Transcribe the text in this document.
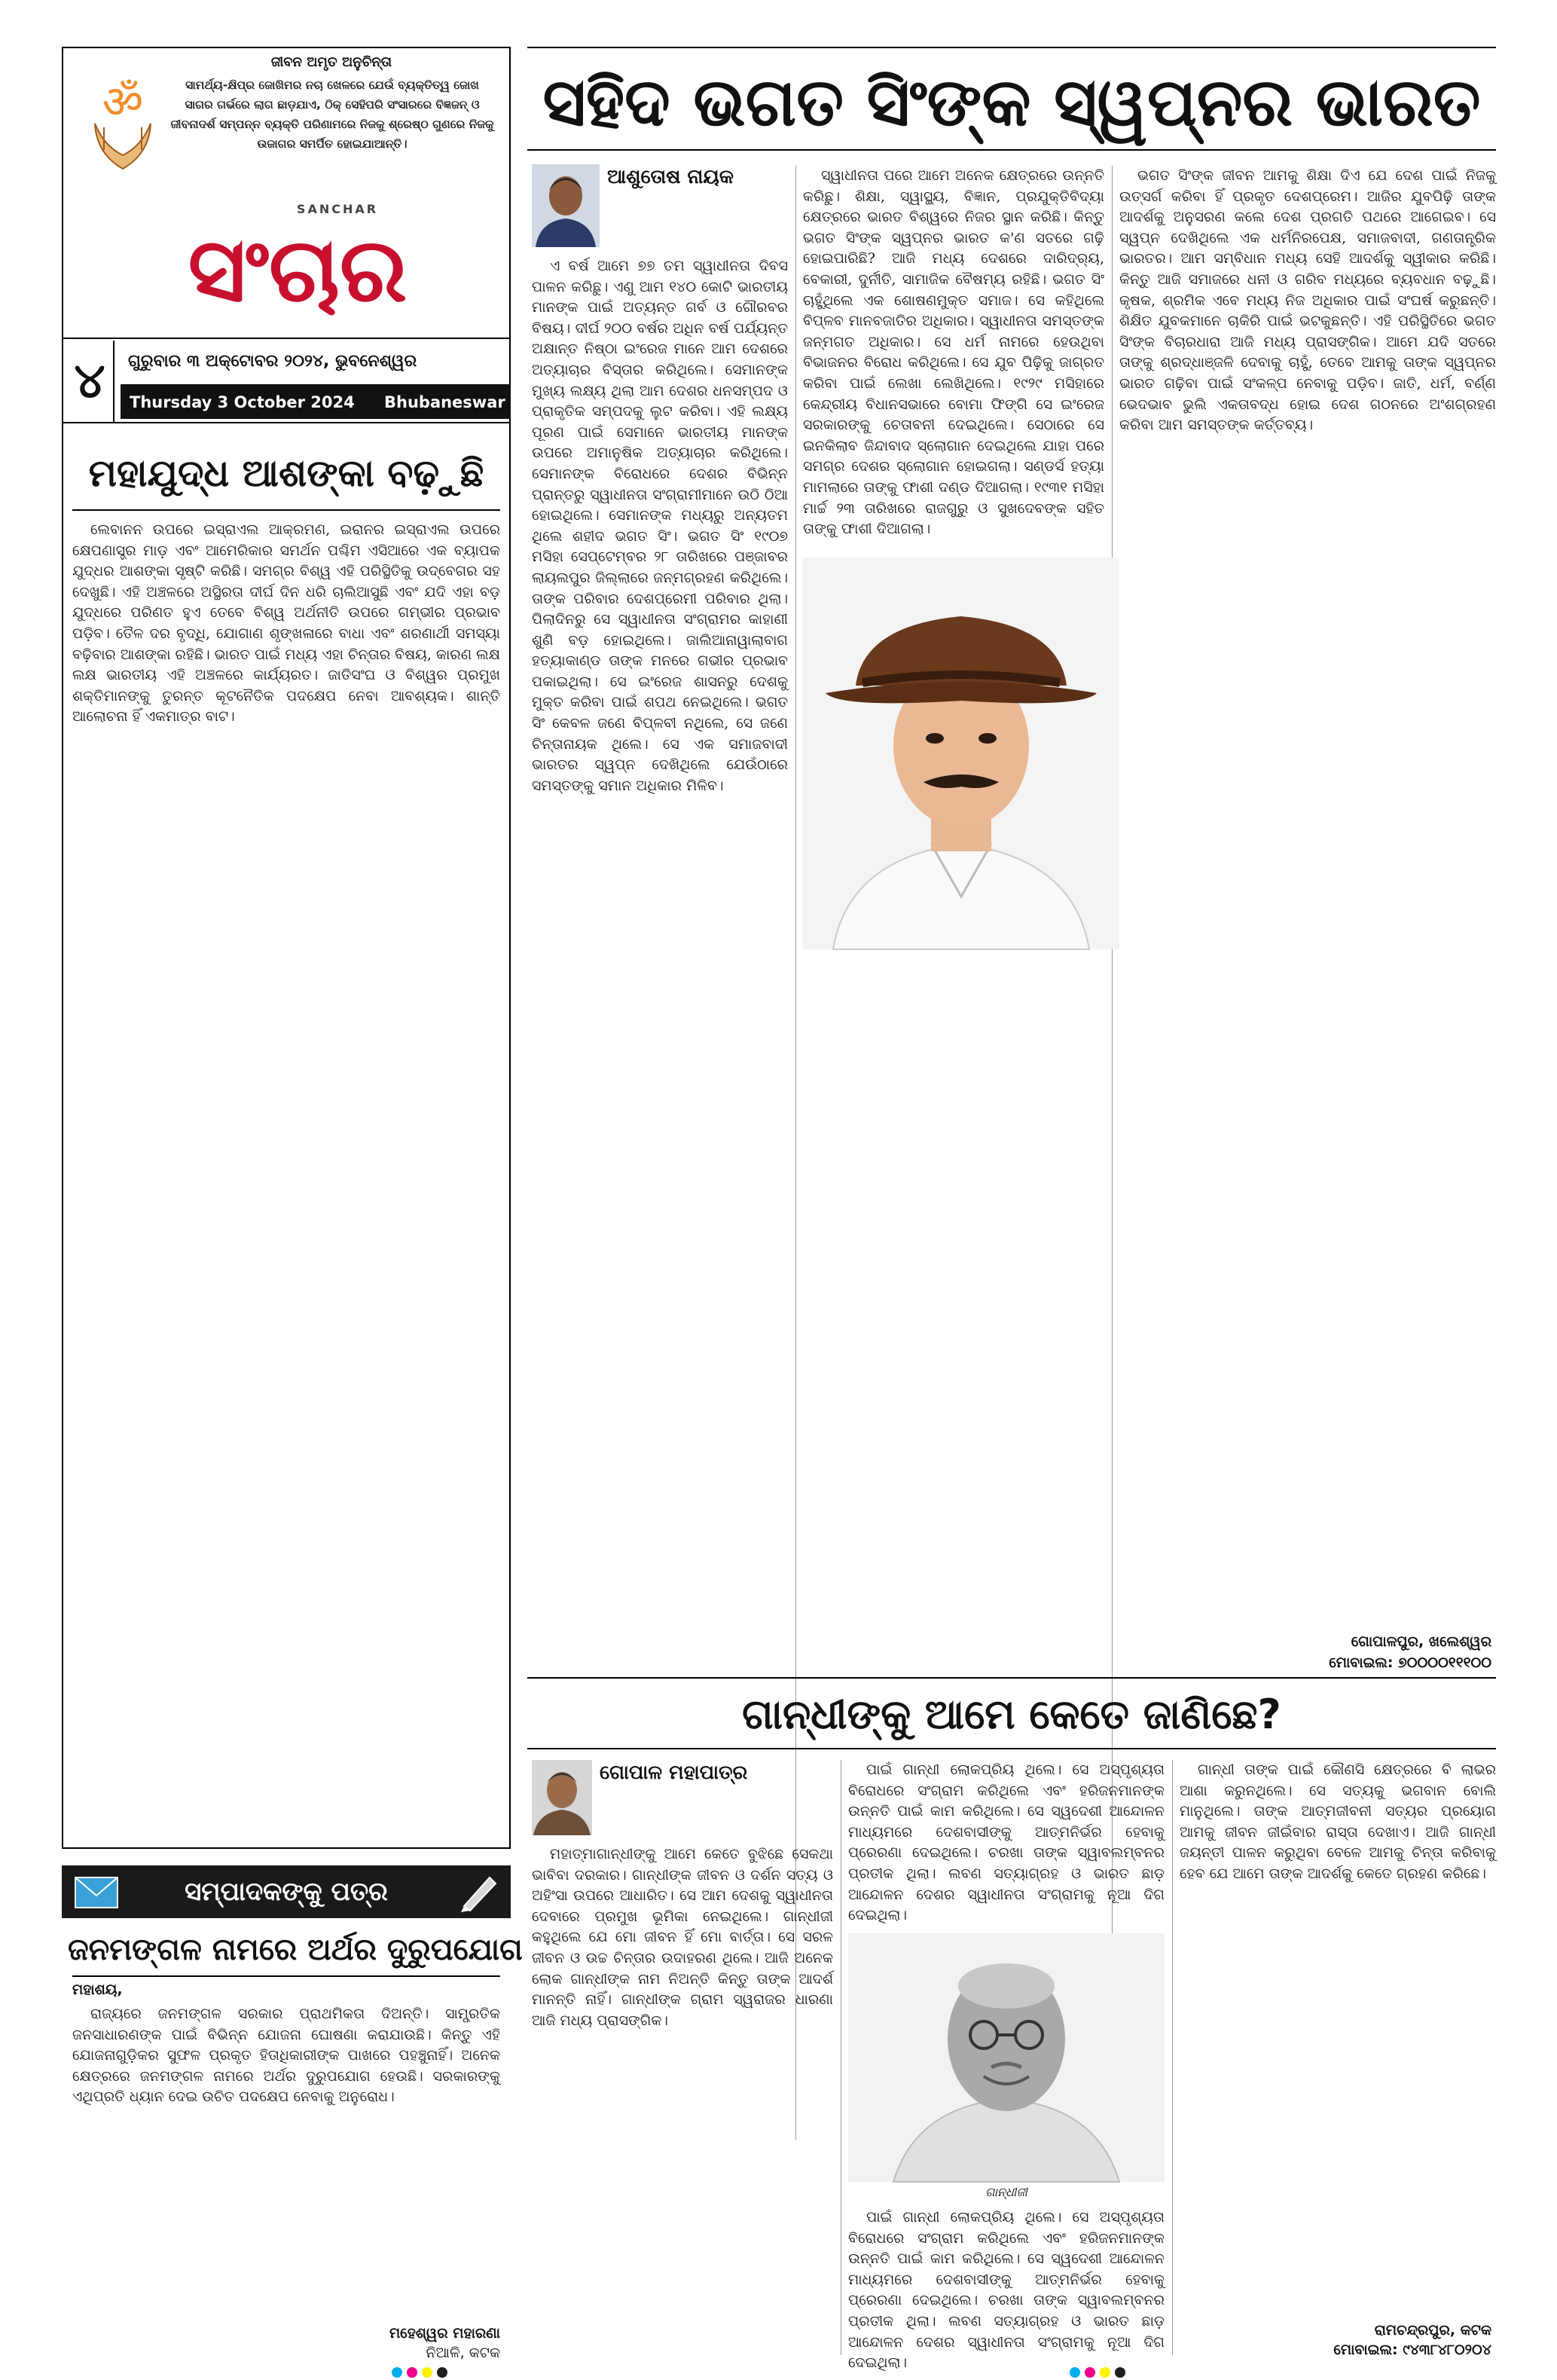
ॐ
ଜୀବନ ଅମୃତ ଅନୁଚିନ୍ତା
ସାମର୍ଥ୍ୟ-କ୍ଷିପ୍ର ଜୋଖିମର ନଚା ଖେଳରେ ଯେଉଁ ବ୍ୟକ୍ତିତ୍ୱ ଜୋଖ ସାଗର ଗର୍ଭରେ ଲାଗ ଛାଡ଼ଯାଏ, ଠିକ୍ ସେହିପରି ସଂସାରରେ ବିଜ୍ଞଜନ୍ ଓ ଜୀବନାଦର୍ଶ ସମ୍ପନ୍ନ ବ୍ୟକ୍ତି ପରିଣାମରେ ନିଜକୁ ଶ୍ରେଷ୍ଠ ଗୁଣରେ ନିଜକୁ ଉଜାଗର ସମର୍ପିତ ହୋଇଯାଆନ୍ତି।
SANCHAR
ସଂଚାର
୪	ଗୁରୁବାର ୩ ଅକ୍ଟୋବର ୨୦୨୪, ଭୁବନେଶ୍ୱର
Thursday 3 October 2024	Bhubaneswar
ମହାଯୁଦ୍ଧ ଆଶଙ୍କା ବଢ଼ୁଛି

ଲେବାନନ ଉପରେ ଇସ୍ରାଏଲ ଆକ୍ରମଣ, ଇରାନର ଇସ୍ରାଏଲ ଉପରେ କ୍ଷେପଣାସ୍ତ୍ର ମାଡ଼ ଏବଂ ଆମେରିକାର ସମର୍ଥନ ପଶ୍ଚିମ ଏସିଆରେ ଏକ ବ୍ୟାପକ ଯୁଦ୍ଧର ଆଶଙ୍କା ସୃଷ୍ଟି କରିଛି। ସମଗ୍ର ବିଶ୍ୱ ଏହି ପରିସ୍ଥିତିକୁ ଉଦ୍‌ବେଗର ସହ ଦେଖୁଛି। ଏହି ଅଞ୍ଚଳରେ ଅସ୍ଥିରତା ଦୀର୍ଘ ଦିନ ଧରି ଚାଲିଆସୁଛି ଏବଂ ଯଦି ଏହା ବଡ଼ ଯୁଦ୍ଧରେ ପରିଣତ ହୁଏ ତେବେ ବିଶ୍ୱ ଅର୍ଥନୀତି ଉପରେ ଗମ୍ଭୀର ପ୍ରଭାବ ପଡ଼ିବ। ତୈଳ ଦର ବୃଦ୍ଧି, ଯୋଗାଣ ଶୃଙ୍ଖଳାରେ ବାଧା ଏବଂ ଶରଣାର୍ଥୀ ସମସ୍ୟା ବଢ଼ିବାର ଆଶଙ୍କା ରହିଛି। ଭାରତ ପାଇଁ ମଧ୍ୟ ଏହା ଚିନ୍ତାର ବିଷୟ, କାରଣ ଲକ୍ଷ ଲକ୍ଷ ଭାରତୀୟ ଏହି ଅଞ୍ଚଳରେ କାର୍ଯ୍ୟରତ। ଜାତିସଂଘ ଓ ବିଶ୍ୱର ପ୍ରମୁଖ ଶକ୍ତିମାନଙ୍କୁ ତୁରନ୍ତ କୂଟନୈତିକ ପଦକ୍ଷେପ ନେବା ଆବଶ୍ୟକ। ଶାନ୍ତି ଆଲୋଚନା ହିଁ ଏକମାତ୍ର ବାଟ।

ସମ୍ପାଦକଙ୍କୁ ପତ୍ର
ଜନମଙ୍ଗଳ ନାମରେ ଅର୍ଥର ଦୁରୁପଯୋଗ
ମହାଶୟ,

ରାଜ୍ୟରେ ଜନମଙ୍ଗଳ ସରକାର ପ୍ରାଥମିକତା ଦିଅନ୍ତି। ସାମ୍ପ୍ରତିକ ଜନସାଧାରଣଙ୍କ ପାଇଁ ବିଭିନ୍ନ ଯୋଜନା ଘୋଷଣା କରାଯାଉଛି। କିନ୍ତୁ ଏହି ଯୋଜନାଗୁଡ଼ିକର ସୁଫଳ ପ୍ରକୃତ ହିତାଧିକାରୀଙ୍କ ପାଖରେ ପହଞ୍ଚୁନାହିଁ। ଅନେକ କ୍ଷେତ୍ରରେ ଜନମଙ୍ଗଳ ନାମରେ ଅର୍ଥର ଦୁରୁପଯୋଗ ହେଉଛି। ସରକାରଙ୍କୁ ଏଥିପ୍ରତି ଧ୍ୟାନ ଦେଇ ଉଚିତ ପଦକ୍ଷେପ ନେବାକୁ ଅନୁରୋଧ।

ମହେଶ୍ୱର ମହାରଣା
ନିଆଳି, କଟକ
ସହିଦ ଭଗତ ସିଂଙ୍କ ସ୍ୱପ୍ନର ଭାରତ
ଆଶୁତୋଷ ନାୟକ

ଏ ବର୍ଷ ଆମେ ୭୭ ତମ ସ୍ୱାଧୀନତା ଦିବସ ପାଳନ କରିଛୁ। ଏଣୁ ଆମ ୧୪୦ କୋଟି ଭାରତୀୟ ମାନଙ୍କ ପାଇଁ ଅତ୍ୟନ୍ତ ଗର୍ବ ଓ ଗୌରବର ବିଷୟ। ଦୀର୍ଘ ୨୦୦ ବର୍ଷର ଅଧିନ ବର୍ଷ ପର୍ଯ୍ୟନ୍ତ ଅକ୍ଷାନ୍ତ ନିଷ୍ଠା ଇଂରେଜ ମାନେ ଆମ ଦେଶରେ ଅତ୍ୟାଚାର ବିସ୍ତାର କରିଥିଲେ। ସେମାନଙ୍କ ମୁଖ୍ୟ ଲକ୍ଷ୍ୟ ଥିଲା ଆମ ଦେଶର ଧନସମ୍ପଦ ଓ ପ୍ରାକୃତିକ ସମ୍ପଦକୁ ଲୁଟ କରିବା। ଏହି ଲକ୍ଷ୍ୟ ପୂରଣ ପାଇଁ ସେମାନେ ଭାରତୀୟ ମାନଙ୍କ ଉପରେ ଅମାନୁଷିକ ଅତ୍ୟାଚାର କରିଥିଲେ। ସେମାନଙ୍କ ବିରୋଧରେ ଦେଶର ବିଭିନ୍ନ ପ୍ରାନ୍ତରୁ ସ୍ୱାଧୀନତା ସଂଗ୍ରାମୀମାନେ ଉଠି ଠିଆ ହୋଇଥିଲେ। ସେମାନଙ୍କ ମଧ୍ୟରୁ ଅନ୍ୟତମ ଥିଲେ ଶହୀଦ ଭଗତ ସିଂ। ଭଗତ ସିଂ ୧୯୦୭ ମସିହା ସେପ୍ଟେମ୍ବର ୨୮ ତାରିଖରେ ପଞ୍ଜାବର ଲାୟଲପୁର ଜିଲ୍ଲାରେ ଜନ୍ମଗ୍ରହଣ କରିଥିଲେ। ତାଙ୍କ ପରିବାର ଦେଶପ୍ରେମୀ ପରିବାର ଥିଲା। ପିଲାଦିନରୁ ସେ ସ୍ୱାଧୀନତା ସଂଗ୍ରାମର କାହାଣୀ ଶୁଣି ବଡ଼ ହୋଇଥିଲେ। ଜାଲିଆନାୱାଲାବାଗ ହତ୍ୟାକାଣ୍ଡ ତାଙ୍କ ମନରେ ଗଭୀର ପ୍ରଭାବ ପକାଇଥିଲା। ସେ ଇଂରେଜ ଶାସନରୁ ଦେଶକୁ ମୁକ୍ତ କରିବା ପାଇଁ ଶପଥ ନେଇଥିଲେ। ଭଗତ ସିଂ କେବଳ ଜଣେ ବିପ୍ଳବୀ ନଥିଲେ, ସେ ଜଣେ ଚିନ୍ତାନାୟକ ଥିଲେ। ସେ ଏକ ସମାଜବାଦୀ ଭାରତର ସ୍ୱପ୍ନ ଦେଖିଥିଲେ ଯେଉଁଠାରେ ସମସ୍ତଙ୍କୁ ସମାନ ଅଧିକାର ମିଳିବ।

ସ୍ୱାଧୀନତା ପରେ ଆମେ ଅନେକ କ୍ଷେତ୍ରରେ ଉନ୍ନତି କରିଛୁ। ଶିକ୍ଷା, ସ୍ୱାସ୍ଥ୍ୟ, ବିଜ୍ଞାନ, ପ୍ରଯୁକ୍ତିବିଦ୍ୟା କ୍ଷେତ୍ରରେ ଭାରତ ବିଶ୍ୱରେ ନିଜର ସ୍ଥାନ କରିଛି। କିନ୍ତୁ ଭଗତ ସିଂଙ୍କ ସ୍ୱପ୍ନର ଭାରତ କ'ଣ ସତରେ ଗଢ଼ି ହୋଇପାରିଛି? ଆଜି ମଧ୍ୟ ଦେଶରେ ଦାରିଦ୍ର୍ୟ, ବେକାରୀ, ଦୁର୍ନୀତି, ସାମାଜିକ ବୈଷମ୍ୟ ରହିଛି। ଭଗତ ସିଂ ଚାହୁଁଥିଲେ ଏକ ଶୋଷଣମୁକ୍ତ ସମାଜ। ସେ କହିଥିଲେ ବିପ୍ଳବ ମାନବଜାତିର ଅଧିକାର। ସ୍ୱାଧୀନତା ସମସ୍ତଙ୍କ ଜନ୍ମଗତ ଅଧିକାର। ସେ ଧର୍ମ ନାମରେ ହେଉଥିବା ବିଭାଜନର ବିରୋଧ କରିଥିଲେ। ସେ ଯୁବ ପିଢ଼ିକୁ ଜାଗ୍ରତ କରିବା ପାଇଁ ଲେଖା ଲେଖିଥିଲେ। ୧୯୨୯ ମସିହାରେ କେନ୍ଦ୍ରୀୟ ବିଧାନସଭାରେ ବୋମା ଫିଙ୍ଗି ସେ ଇଂରେଜ ସରକାରଙ୍କୁ ଚେତାବନୀ ଦେଇଥିଲେ। ସେଠାରେ ସେ ଇନକିଲାବ ଜିନ୍ଦାବାଦ ସ୍ଲୋଗାନ ଦେଇଥିଲେ ଯାହା ପରେ ସମଗ୍ର ଦେଶର ସ୍ଲୋଗାନ ହୋଇଗଲା। ସଣ୍ଡର୍ସ ହତ୍ୟା ମାମଲାରେ ତାଙ୍କୁ ଫାଶୀ ଦଣ୍ଡ ଦିଆଗଲା। ୧୯୩୧ ମସିହା ମାର୍ଚ୍ଚ ୨୩ ତାରିଖରେ ରାଜଗୁରୁ ଓ ସୁଖଦେବଙ୍କ ସହିତ ତାଙ୍କୁ ଫାଶୀ ଦିଆଗଲା।

ଭଗତ ସିଂଙ୍କ ଜୀବନ ଆମକୁ ଶିକ୍ଷା ଦିଏ ଯେ ଦେଶ ପାଇଁ ନିଜକୁ ଉତ୍ସର୍ଗ କରିବା ହିଁ ପ୍ରକୃତ ଦେଶପ୍ରେମ। ଆଜିର ଯୁବପିଢ଼ି ତାଙ୍କ ଆଦର୍ଶକୁ ଅନୁସରଣ କଲେ ଦେଶ ପ୍ରଗତି ପଥରେ ଆଗେଇବ। ସେ ସ୍ୱପ୍ନ ଦେଖିଥିଲେ ଏକ ଧର୍ମନିରପେକ୍ଷ, ସମାଜବାଦୀ, ଗଣତାନ୍ତ୍ରିକ ଭାରତର। ଆମ ସମ୍ବିଧାନ ମଧ୍ୟ ସେହି ଆଦର୍ଶକୁ ସ୍ୱୀକାର କରିଛି। କିନ୍ତୁ ଆଜି ସମାଜରେ ଧନୀ ଓ ଗରିବ ମଧ୍ୟରେ ବ୍ୟବଧାନ ବଢ଼ୁଛି। କୃଷକ, ଶ୍ରମିକ ଏବେ ମଧ୍ୟ ନିଜ ଅଧିକାର ପାଇଁ ସଂଘର୍ଷ କରୁଛନ୍ତି। ଶିକ୍ଷିତ ଯୁବକମାନେ ଚାକିରି ପାଇଁ ଭଟକୁଛନ୍ତି। ଏହି ପରିସ୍ଥିତିରେ ଭଗତ ସିଂଙ୍କ ବିଚାରଧାରା ଆଜି ମଧ୍ୟ ପ୍ରାସଙ୍ଗିକ। ଆମେ ଯଦି ସତରେ ତାଙ୍କୁ ଶ୍ରଦ୍ଧାଞ୍ଜଳି ଦେବାକୁ ଚାହୁଁ, ତେବେ ଆମକୁ ତାଙ୍କ ସ୍ୱପ୍ନର ଭାରତ ଗଢ଼ିବା ପାଇଁ ସଂକଳ୍ପ ନେବାକୁ ପଡ଼ିବ। ଜାତି, ଧର୍ମ, ବର୍ଣ୍ଣ ଭେଦଭାବ ଭୁଲି ଏକତାବଦ୍ଧ ହୋଇ ଦେଶ ଗଠନରେ ଅଂଶଗ୍ରହଣ କରିବା ଆମ ସମସ୍ତଙ୍କ କର୍ତ୍ତବ୍ୟ।

ଗୋପାଳପୁର, ଖଲେଶ୍ୱର
ମୋବାଇଲ: ୭୦୦୦୦୧୧୧୦୦
ଗାନ୍ଧୀଙ୍କୁ ଆମେ କେତେ ଜାଣିଛେ?
ଗୋପାଳ ମହାପାତ୍ର

ମହାତ୍ମାଗାନ୍ଧୀଙ୍କୁ ଆମେ କେତେ ବୁଝିଛେ ସେକଥା ଭାବିବା ଦରକାର। ଗାନ୍ଧୀଙ୍କ ଜୀବନ ଓ ଦର୍ଶନ ସତ୍ୟ ଓ ଅହିଂସା ଉପରେ ଆଧାରିତ। ସେ ଆମ ଦେଶକୁ ସ୍ୱାଧୀନତା ଦେବାରେ ପ୍ରମୁଖ ଭୂମିକା ନେଇଥିଲେ। ଗାନ୍ଧୀଜୀ କହୁଥିଲେ ଯେ ମୋ ଜୀବନ ହିଁ ମୋ ବାର୍ତ୍ତା। ସେ ସରଳ ଜୀବନ ଓ ଉଚ୍ଚ ଚିନ୍ତାର ଉଦାହରଣ ଥିଲେ। ଆଜି ଅନେକ ଲୋକ ଗାନ୍ଧୀଙ୍କ ନାମ ନିଅନ୍ତି କିନ୍ତୁ ତାଙ୍କ ଆଦର୍ଶ ମାନନ୍ତି ନାହିଁ। ଗାନ୍ଧୀଙ୍କ ଗ୍ରାମ ସ୍ୱରାଜର ଧାରଣା ଆଜି ମଧ୍ୟ ପ୍ରାସଙ୍ଗିକ।

ପାଇଁ ଗାନ୍ଧୀ ଲୋକପ୍ରିୟ ଥିଲେ। ସେ ଅସ୍ପୃଶ୍ୟତା ବିରୋଧରେ ସଂଗ୍ରାମ କରିଥିଲେ ଏବଂ ହରିଜନମାନଙ୍କ ଉନ୍ନତି ପାଇଁ କାମ କରିଥିଲେ। ସେ ସ୍ୱଦେଶୀ ଆନ୍ଦୋଳନ ମାଧ୍ୟମରେ ଦେଶବାସୀଙ୍କୁ ଆତ୍ମନିର୍ଭର ହେବାକୁ ପ୍ରେରଣା ଦେଇଥିଲେ। ଚରଖା ତାଙ୍କ ସ୍ୱାବଲମ୍ବନର ପ୍ରତୀକ ଥିଲା। ଲବଣ ସତ୍ୟାଗ୍ରହ ଓ ଭାରତ ଛାଡ଼ ଆନ୍ଦୋଳନ ଦେଶର ସ୍ୱାଧୀନତା ସଂଗ୍ରାମକୁ ନୂଆ ଦିଗ ଦେଇଥିଲା।

ଗାନ୍ଧୀଜୀ

ପାଇଁ ଗାନ୍ଧୀ ଲୋକପ୍ରିୟ ଥିଲେ। ସେ ଅସ୍ପୃଶ୍ୟତା ବିରୋଧରେ ସଂଗ୍ରାମ କରିଥିଲେ ଏବଂ ହରିଜନମାନଙ୍କ ଉନ୍ନତି ପାଇଁ କାମ କରିଥିଲେ। ସେ ସ୍ୱଦେଶୀ ଆନ୍ଦୋଳନ ମାଧ୍ୟମରେ ଦେଶବାସୀଙ୍କୁ ଆତ୍ମନିର୍ଭର ହେବାକୁ ପ୍ରେରଣା ଦେଇଥିଲେ। ଚରଖା ତାଙ୍କ ସ୍ୱାବଲମ୍ବନର ପ୍ରତୀକ ଥିଲା। ଲବଣ ସତ୍ୟାଗ୍ରହ ଓ ଭାରତ ଛାଡ଼ ଆନ୍ଦୋଳନ ଦେଶର ସ୍ୱାଧୀନତା ସଂଗ୍ରାମକୁ ନୂଆ ଦିଗ ଦେଇଥିଲା।

ଗାନ୍ଧୀ ତାଙ୍କ ପାଇଁ କୌଣସି କ୍ଷେତ୍ରରେ ବି ଲାଭର ଆଶା କରୁନଥିଲେ। ସେ ସତ୍ୟକୁ ଭଗବାନ ବୋଲି ମାନୁଥିଲେ। ତାଙ୍କ ଆତ୍ମଜୀବନୀ ସତ୍ୟର ପ୍ରୟୋଗ ଆମକୁ ଜୀବନ ଜୀଇଁବାର ରାସ୍ତା ଦେଖାଏ। ଆଜି ଗାନ୍ଧୀ ଜୟନ୍ତୀ ପାଳନ କରୁଥିବା ବେଳେ ଆମକୁ ଚିନ୍ତା କରିବାକୁ ହେବ ଯେ ଆମେ ତାଙ୍କ ଆଦର୍ଶକୁ କେତେ ଗ୍ରହଣ କରିଛେ।

ରାମଚନ୍ଦ୍ରପୁର, କଟକ
ମୋବାଇଲ: ୯୪୩୮୪୮୦୨୦୪
